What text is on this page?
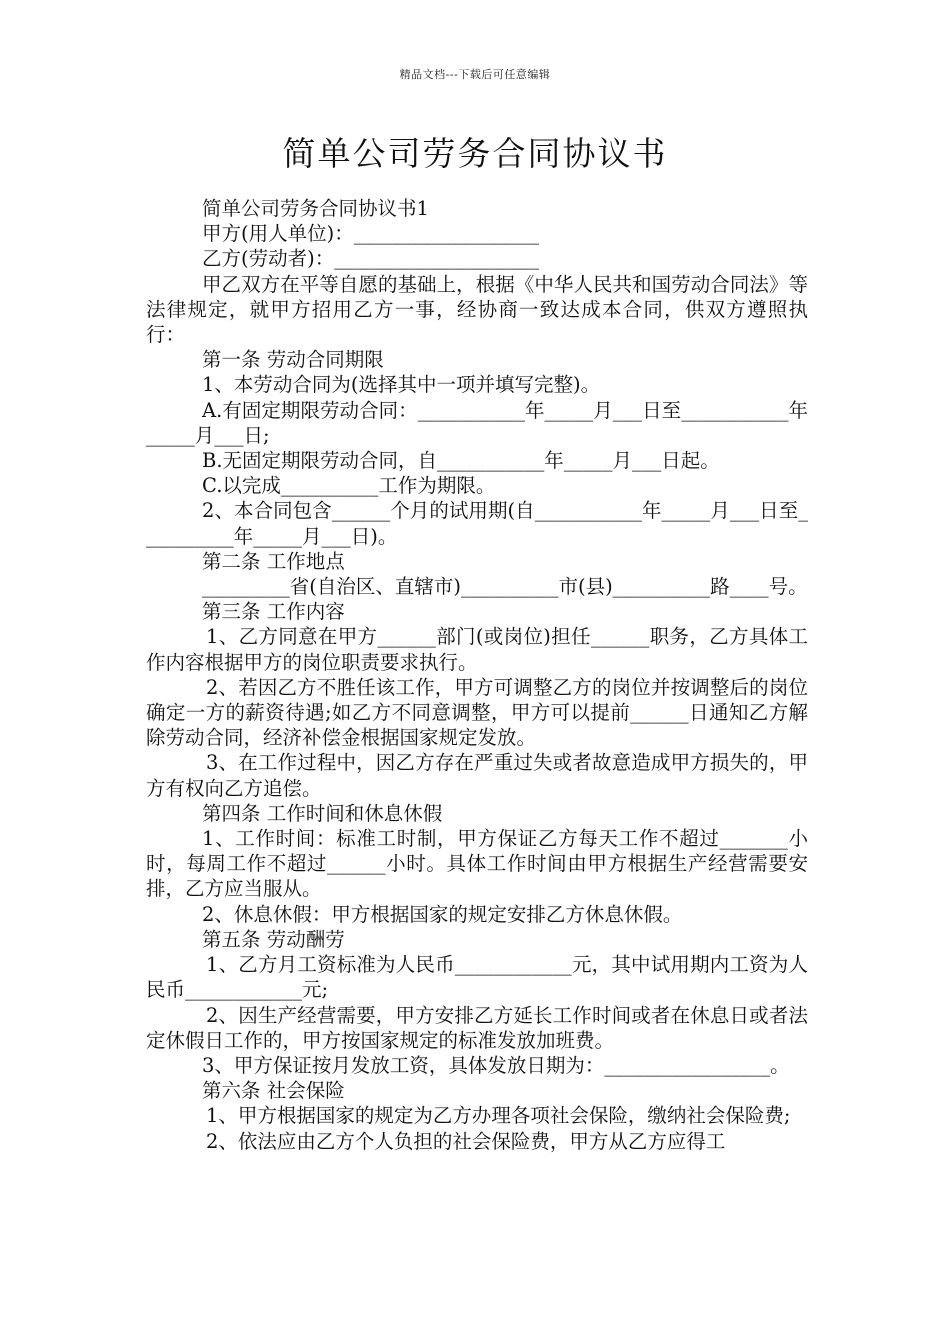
精品文档---下载后可任意编辑
简单公司劳务合同协议书

简单公司劳务合同协议书1

甲方(用人单位)：___________________

乙方(劳动者)：_____________________

甲乙双方在平等自愿的基础上，根据《中华人民共和国劳动合同法》等法律规定，就甲方招用乙方一事，经协商一致达成本合同，供双方遵照执行：

第一条 劳动合同期限

1、本劳动合同为(选择其中一项并填写完整)。

A.有固定期限劳动合同：___________年_____月___日至___________年_____月___日;

B.无固定期限劳动合同，自___________年_____月___日起。

C.以完成__________工作为期限。

2、本合同包含______个月的试用期(自___________年_____月___日至__________年_____月___日)。

第二条 工作地点

_________省(自治区、直辖市)__________市(县)__________路____号。

第三条 工作内容

1、乙方同意在甲方______部门(或岗位)担任______职务，乙方具体工作内容根据甲方的岗位职责要求执行。

2、若因乙方不胜任该工作，甲方可调整乙方的岗位并按调整后的岗位确定一方的薪资待遇;如乙方不同意调整，甲方可以提前______日通知乙方解除劳动合同，经济补偿金根据国家规定发放。

3、在工作过程中，因乙方存在严重过失或者故意造成甲方损失的，甲方有权向乙方追偿。

第四条 工作时间和休息休假

1、工作时间：标准工时制，甲方保证乙方每天工作不超过_______小时，每周工作不超过______小时。具体工作时间由甲方根据生产经营需要安排，乙方应当服从。

2、休息休假：甲方根据国家的规定安排乙方休息休假。

第五条 劳动酬劳

1、乙方月工资标准为人民币____________元，其中试用期内工资为人民币____________元;

2、因生产经营需要，甲方安排乙方延长工作时间或者在休息日或者法定休假日工作的，甲方按国家规定的标准发放加班费。

3、甲方保证按月发放工资，具体发放日期为：_________________。

第六条 社会保险

1、甲方根据国家的规定为乙方办理各项社会保险，缴纳社会保险费;

2、依法应由乙方个人负担的社会保险费，甲方从乙方应得工
